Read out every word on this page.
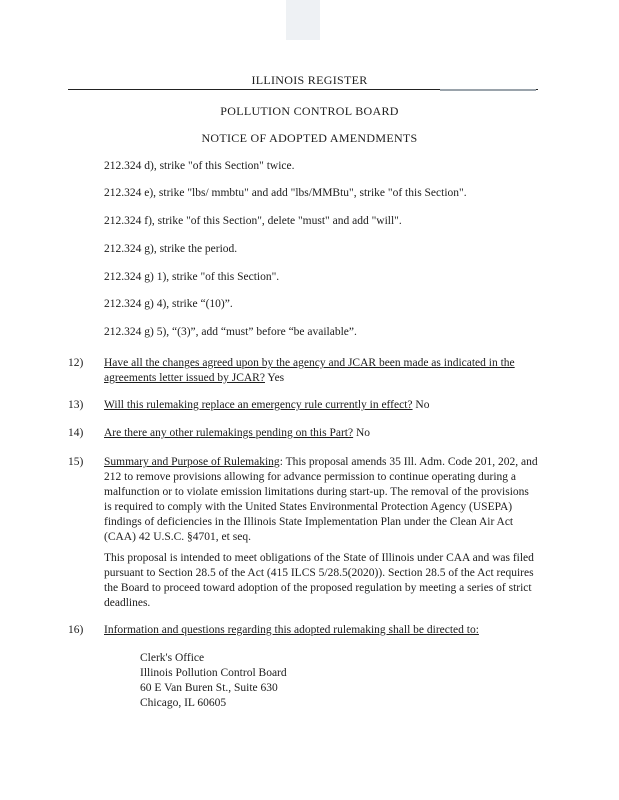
ILLINOIS REGISTER
POLLUTION CONTROL BOARD
NOTICE OF ADOPTED AMENDMENTS
212.324 d), strike "of this Section" twice.
212.324 e), strike "lbs/ mmbtu" and add "lbs/MMBtu", strike "of this Section".
212.324 f), strike "of this Section", delete "must" and add "will".
212.324 g), strike the period.
212.324 g) 1), strike "of this Section".
212.324 g) 4), strike “(10)”.
212.324 g) 5), “(3)”, add “must” before “be available”.
12)	Have all the changes agreed upon by the agency and JCAR been made as indicated in the agreements letter issued by JCAR? Yes
13)	Will this rulemaking replace an emergency rule currently in effect? No
14)	Are there any other rulemakings pending on this Part? No
15)	Summary and Purpose of Rulemaking: This proposal amends 35 Ill. Adm. Code 201, 202, and 212 to remove provisions allowing for advance permission to continue operating during a malfunction or to violate emission limitations during start-up. The removal of the provisions is required to comply with the United States Environmental Protection Agency (USEPA) findings of deficiencies in the Illinois State Implementation Plan under the Clean Air Act (CAA) 42 U.S.C. §4701, et seq.
This proposal is intended to meet obligations of the State of Illinois under CAA and was filed pursuant to Section 28.5 of the Act (415 ILCS 5/28.5(2020)). Section 28.5 of the Act requires the Board to proceed toward adoption of the proposed regulation by meeting a series of strict deadlines.
16)	Information and questions regarding this adopted rulemaking shall be directed to:
Clerk's Office
Illinois Pollution Control Board
60 E Van Buren St., Suite 630
Chicago, IL 60605
